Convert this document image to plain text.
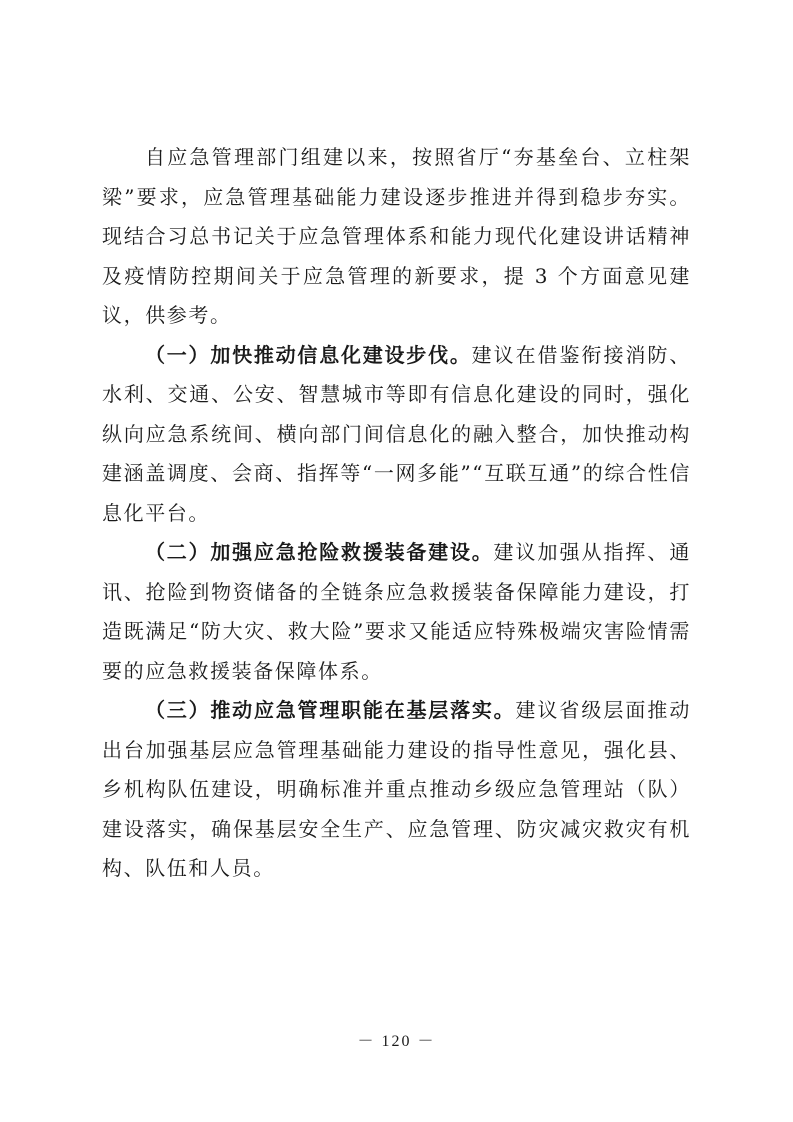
自应急管理部门组建以来，按照省厅“夯基垒台、立柱架梁”要求，应急管理基础能力建设逐步推进并得到稳步夯实。现结合习总书记关于应急管理体系和能力现代化建设讲话精神及疫情防控期间关于应急管理的新要求，提 3 个方面意见建议，供参考。

（一）加快推动信息化建设步伐。建议在借鉴衔接消防、水利、交通、公安、智慧城市等即有信息化建设的同时，强化纵向应急系统间、横向部门间信息化的融入整合，加快推动构建涵盖调度、会商、指挥等“一网多能”“互联互通”的综合性信息化平台。

（二）加强应急抢险救援装备建设。建议加强从指挥、通讯、抢险到物资储备的全链条应急救援装备保障能力建设，打造既满足“防大灾、救大险”要求又能适应特殊极端灾害险情需要的应急救援装备保障体系。

（三）推动应急管理职能在基层落实。建议省级层面推动出台加强基层应急管理基础能力建设的指导性意见，强化县、乡机构队伍建设，明确标准并重点推动乡级应急管理站（队）建设落实，确保基层安全生产、应急管理、防灾减灾救灾有机构、队伍和人员。

－ 120 －
